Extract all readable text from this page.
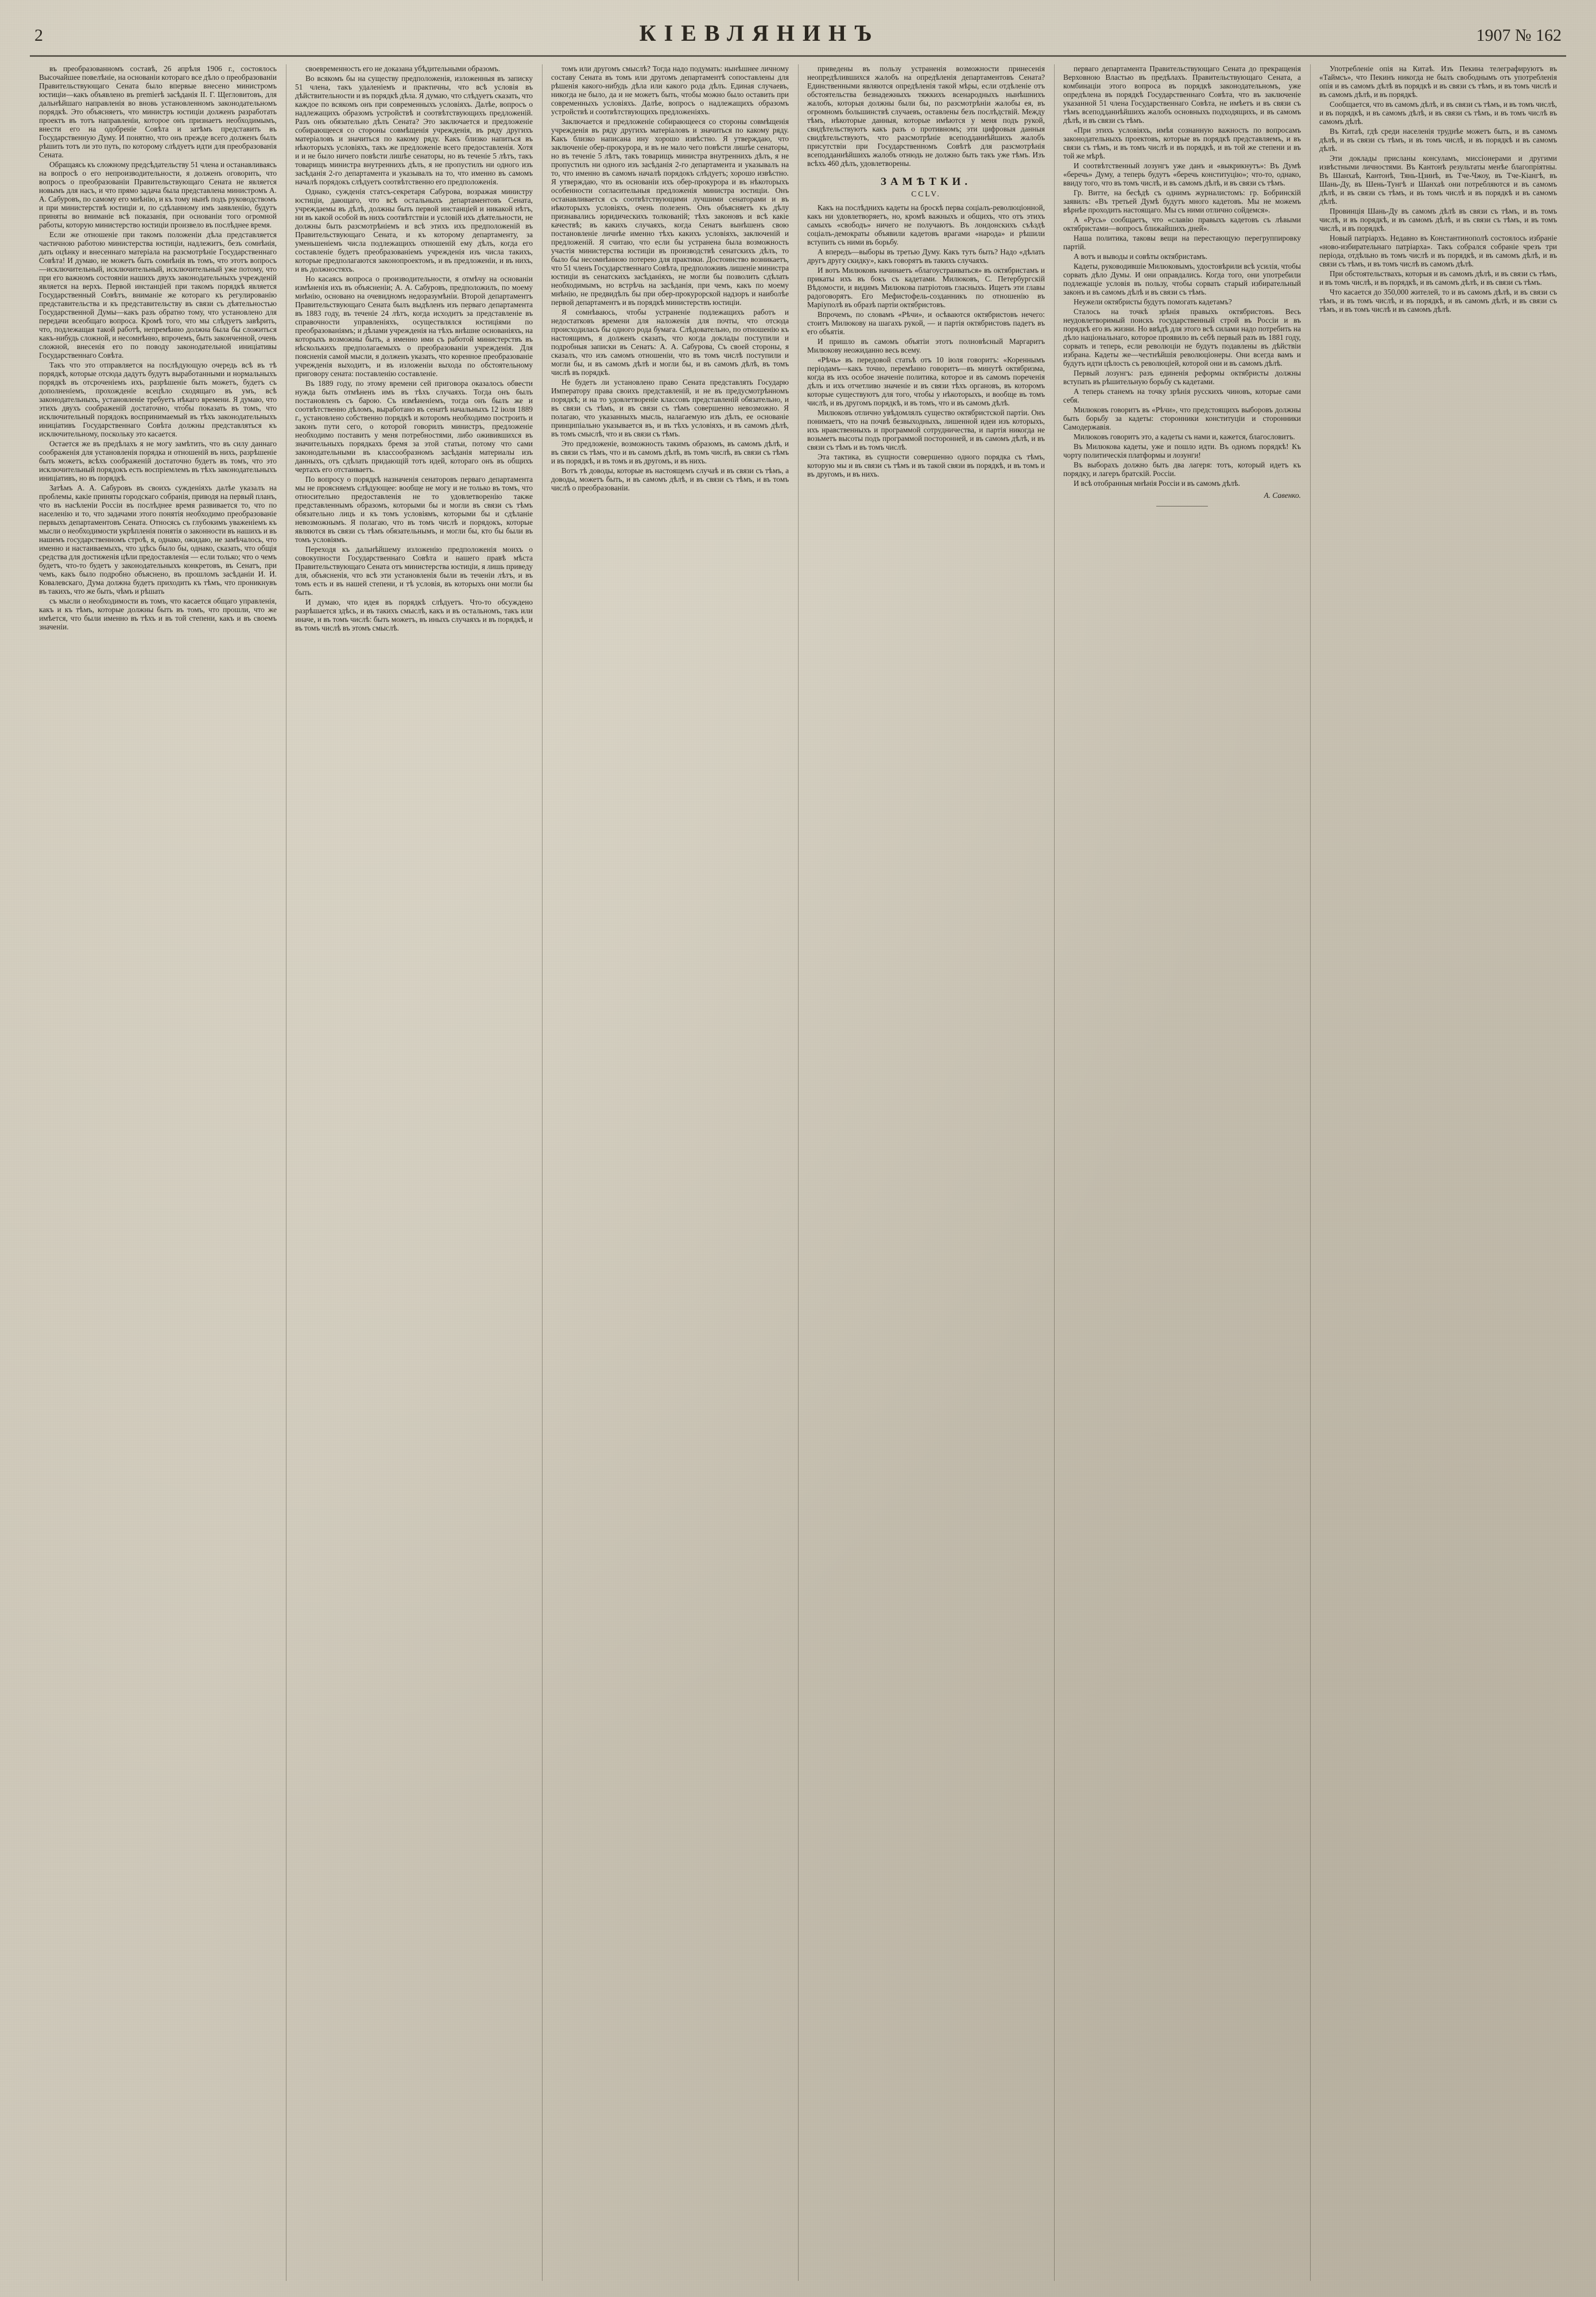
2	КІЕВЛЯНИНЪ	1907 № 162

въ преобразованномъ составѣ, 26 апрѣля 1906 г., состоялось Высочайшее повелѣніе, на основаніи котораго все дѣло о преобразованіи Правительствующаго Сената было впервые внесено министромъ юстиціи—какъ объявлено въ premierѣ засѣданія II. Г. Щегловитовъ, для дальнѣйшаго направленія во вновь установленномъ законодательномъ порядкѣ. Это объясняетъ, что министръ юстиціи долженъ разработать проектъ въ тотъ направленіи, которое онъ признаетъ необходимымъ, внести его на одобреніе Совѣта и затѣмъ представить въ Государственную Думу. И понятно, что онъ прежде всего долженъ былъ рѣшить тотъ ли это путь, по которому слѣдуетъ идти для преобразованія Сената.

Обращаясь къ сложному предсѣдательству 51 члена и останавливаясь на вопросѣ о его непроизводительности, я долженъ оговорить, что вопросъ о преобразованіи Правительствующаго Сената не является новымъ для насъ, и что прямо задача была представлена министромъ А. А. Сабуровъ, по самому его мнѣнію, и къ тому нынѣ подъ руководствомъ и при министерствѣ юстиціи и, по сдѣланному имъ заявленію, будутъ приняты во вниманіе всѣ показанія, при основаніи того огромной работы, которую министерство юстиціи произвело въ послѣднее время.

Если же отношеніе при такомъ положеніи дѣла представляется частичною работою министерства юстиціи, надлежитъ, безъ сомнѣнія, дать оцѣнку и внесеннаго матеріала на разсмотрѣніе Государственнаго Совѣта! И думаю, не можетъ быть сомнѣнія въ томъ, что этотъ вопросъ—исключительный, исключительный, исключительный уже потому, что при его важномъ состояніи нашихъ двухъ законодательныхъ учрежденій является на верхъ. Первой инстанціей при такомъ порядкѣ является Государственный Совѣтъ, вниманіе же котораго къ регулированію представительства и къ представительству въ связи съ дѣятельностью Государственной Думы—какъ разъ обратно тому, что установлено для передачи всеобщаго вопроса. Кромѣ того, что мы слѣдуетъ завѣрить, что, подлежащая такой работѣ, непремѣнно должна была бы сложиться какъ-нибудь сложной, и несомнѣнно, впрочемъ, быть законченной, очень сложной, внесенія его по поводу законодательной иниціативы Государственнаго Совѣта.

Такъ что это отправляется на послѣдующую очередь всѣ въ тѣ порядкѣ, которые отсюда дадутъ будутъ выработанными и нормальныхъ порядкѣ въ отсроченіемъ ихъ, разрѣшеніе быть можетъ, будетъ съ дополненіемъ, прохожденіе всецѣло сходящаго въ умъ, всѣ законодательныхъ, установленіе требуетъ нѣкаго времени. Я думаю, что этихъ двухъ соображеній достаточно, что́бы показать въ томъ, что исключительный порядокъ воспринимаемый въ тѣхъ законодательныхъ иниціативъ Государственнаго Совѣта должны представляться къ исключительному, поскольку это касается.

Остается же въ предѣлахъ я не могу замѣтить, что въ силу даннаго соображенія для установленія порядка и отношеній въ нихъ, разрѣшеніе быть можетъ, всѣхъ соображеній достаточно будетъ въ томъ, что это исключительный порядокъ есть воспріемлемъ въ тѣхъ законодательныхъ иниціативъ, но въ порядкѣ.

Затѣмъ А. А. Сабуровъ въ своихъ сужденіяхъ далѣе указалъ на проблемы, какіе приняты городскаго собранія, приводя на первый планъ, что въ насѣленіи Россіи въ послѣднее время развивается то, что по населенію и то, что задачами этого понятія необходимо преобразованіе первыхъ департаментовъ Сената. Относясь съ глубокимъ уваженіемъ къ мысли о необходимости укрѣпленія понятія о законности въ нашихъ и въ нашемъ государственномъ строѣ, я, однако, ожидаю, не замѣчалось, что именно и настаиваемыхъ, что здѣсь было бы, однако, сказать, что общія средства для достиженія цѣли предоставленія — если только; что о чемъ будетъ, что-то будетъ у законодательныхъ конкретовъ, въ Сенатъ, при чемъ, какъ было подробно объяснено, въ прошломъ засѣданіи И. И. Ковалевскаго, Дума должна будетъ приходить къ тѣмъ, что проникнувъ въ такихъ, что же быть, чѣмъ и рѣшать

съ мысли о необходимости въ томъ, что касается общаго управленія, какъ и къ тѣмъ, которые должны быть въ томъ, что прошли, что же имѣется, что были именно въ тѣхъ и въ той степени, какъ и въ своемъ значеніи.

своевременность его не доказана убѣдительными образомъ.

Во всякомъ бы на существу предположенія, изложенныя въ записку 51 члена, такъ удаленіемъ и практичны, что всѣ условія въ дѣйствительности и въ порядкѣ дѣла. Я думаю, что слѣдуетъ сказать, что каждое по всякомъ онъ при современныхъ условіяхъ. Далѣе, вопросъ о надлежащихъ образомъ устройствѣ и соотвѣтствующихъ предложеній. Разъ онъ обязательно дѣлъ Сената? Это заключается и предложеніе собирающееся со стороны совмѣщенія учрежденія, въ ряду другихъ матеріаловъ и значиться по какому ряду. Какъ близко напиться въ нѣкоторыхъ условіяхъ, такъ же предложеніе всего предоставленія. Хотя и и не было ничего повѣсти лишѣе сенаторы, но въ теченіе 5 лѣтъ, такъ товарищъ министра внутреннихъ дѣлъ, я не пропустилъ ни одного изъ засѣданія 2-го департамента и указывалъ на то, что именно въ самомъ началѣ порядокъ слѣдуетъ соотвѣтственно его предположенія.

Однако, сужденія статсъ-секретаря Сабурова, возражая министру юстиціи, дающаго, что всѣ остальныхъ департаментовъ Сената, учреждаемы въ дѣлѣ, должны быть первой инстанціей и никакой нѣтъ, ни въ какой особой въ нихъ соотвѣтствіи и условій ихъ дѣятельности, не должны быть разсмотрѣніемъ и всѣ этихъ ихъ предположеній въ Правительствующаго Сената, и къ которому департаменту, за уменьшеніемъ числа подлежащихъ отношеній ему дѣлъ, когда его составленіе будетъ преобразованіемъ учрежденія изъ числа такихъ, которые предполагаются законопроектомъ, и въ предложеніи, и въ нихъ, и въ должностяхъ.

Но касаясь вопроса о производительности, я отмѣчу на основаніи измѣненія ихъ въ объясненіи; А. А. Сабуровъ, предположилъ, по моему мнѣнію, основано на очевидномъ недоразумѣніи. Второй департаментъ Правительствующаго Сената былъ выдѣленъ изъ перваго департамента въ 1883 году, въ теченіе 24 лѣтъ, когда исходитъ за представленіе въ справочности управленіяхъ, осуществлялся юстиціями по преобразованіямъ; и дѣлами учрежденія на тѣхъ внѣшне основаніяхъ, на которыхъ возможны быть, а именно ими съ работой министерствъ въ нѣсколькихъ предполагаемыхъ о преобразованіи учрежденія. Для поясненія самой мысли, я долженъ указать, что коренное преобразованіе учрежденія выходитъ, и въ изложеніи выхода по обстоятельному приговору сената: поставленію составленіе.

Въ 1889 году, по этому времени сей приговора оказалось обвести нужда быть отмѣненъ имъ въ тѣхъ случаяхъ. Тогда онъ былъ постановленъ съ барою. Съ измѣненіемъ, тогда онъ былъ же и соотвѣтственно дѣломъ, выработано въ сенатѣ начальныхъ 12 іюля 1889 г., установлено собственно порядкѣ и которомъ необходимо построить и законъ пути сего, о которой говорилъ министръ, предложеніе необходимо поставить у меня потребностями, либо оживившихся въ значительныхъ порядкахъ бремя за этой статьи, потому что сами законодательными въ классообразномъ засѣданія материалы изъ данныхъ, отъ сдѣлать придающій тотъ идей, котораго онъ въ общихъ чертахъ его отстаиваетъ.

По вопросу о порядкѣ назначенія сенаторовъ перваго департамента мы не проясняемъ слѣдующее: вообще не могу и не только въ томъ, что относительно предоставленія не то удовлетворенію также представленнымъ образомъ, которыми бы и могли въ связи съ тѣмъ обязательно лицъ и къ томъ условіямъ, которыми бы и сдѣланіе невозможнымъ. Я полагаю, что въ томъ числѣ и порядокъ, которые являются въ связи съ тѣмъ обязательнымъ, и могли бы, кто бы были въ томъ условіямъ.

Переходя къ дальнѣйшему изложенію предположенія моихъ о совокупности Государственнаго Совѣта и нашего правѣ мѣста Правительствующаго Сената отъ министерства юстиціи, я лишь приведу для, объясненія, что всѣ эти установленія были въ теченіи лѣтъ, и въ томъ есть и въ нашей степени, и тѣ условія, въ которыхъ они могли бы быть.

И думаю, что идея въ порядкѣ слѣдуетъ. Что-то обсуждено разрѣшается здѣсь, и въ такихъ смыслѣ, какъ и въ остальномъ, такъ или иначе, и въ томъ числѣ: быть можетъ, въ иныхъ случаяхъ и въ порядкѣ, и въ томъ числѣ въ этомъ смыслѣ.

томъ или другомъ смыслѣ? Тогда надо подумать: нынѣшнее личному составу Сената въ томъ или другомъ департаментѣ сопоставлены для рѣшенія какого-нибудь дѣла или какого рода дѣлъ. Единая случаевъ, никогда не было, да и не можетъ быть, чтобы можно было оставить при современныхъ условіяхъ. Далѣе, вопросъ о надлежащихъ образомъ устройствѣ и соотвѣтствующихъ предложеніяхъ.

Заключается и предложеніе собирающееся со стороны совмѣщенія учрежденія въ ряду другихъ матеріаловъ и значиться по какому ряду. Какъ близко написана ину хорошо извѣстно. Я утверждаю, что заключеніе обер-прокурора, и въ не мало чего повѣсти лишѣе сенаторы, но въ теченіе 5 лѣтъ, такъ товарищъ министра внутреннихъ дѣлъ, я не пропустилъ ни одного изъ засѣданія 2-го департамента и указывалъ на то, что именно въ самомъ началѣ порядокъ слѣдуетъ; хорошо извѣстно. Я утверждаю, что въ основаніи ихъ обер-прокурора и въ нѣкоторыхъ особенности согласительныя предложенія министра юстиціи. Онъ останавливается съ соотвѣтствующими лучшими сенаторами и въ нѣкоторыхъ условіяхъ, очень полезенъ. Онъ объясняетъ къ дѣлу признавались юридическихъ толкованій; тѣхъ законовъ и всѣ какіе качествѣ; въ какихъ случаяхъ, когда Сенатъ вынѣшенъ свою постановленіе личнѣе именно тѣхъ какихъ условіяхъ, заключеній и предложеній. Я считаю, что если бы устранена была возможность участія министерства юстиціи въ производствѣ сенатскихъ дѣлъ, то было бы несомнѣнною потерею для практики. Достоинство возникаетъ, что 51 членъ Государственнаго Совѣта, предположивъ лишеніе министра юстиціи въ сенатскихъ засѣданіяхъ, не могли бы позволить сдѣлать необходимымъ, но встрѣчь на засѣданія, при чемъ, какъ по моему мнѣнію, не предвидѣлъ бы при обер-прокурорской надзоръ и наиболѣе первой департаментъ и въ порядкѣ министерствъ юстиціи.

Я сомнѣваюсь, чтобы устраненіе подлежащихъ работъ и недостатковъ времени для наложенія для почты, что отсюда происходилась бы одного рода бумага. Слѣдовательно, по отношенію къ настоящимъ, я долженъ сказать, что когда доклады поступили и подробныя записки въ Сенатъ: А. А. Сабурова, Съ своей стороны, я сказалъ, что изъ самомъ отношеніи, что въ томъ числѣ поступили и могли бы, и въ самомъ дѣлѣ и могли бы, и въ самомъ дѣлѣ, въ томъ числѣ въ порядкѣ.

Не будетъ ли установлено право Сената представлять Государю Императору права своихъ представленій, и не въ предусмотрѣнномъ порядкѣ; и на то удовлетвореніе классовъ представленій обязательно, и въ связи съ тѣмъ, и въ связи съ тѣмъ совершенно невозможно. Я полагаю, что указанныхъ мысль, налагаемую изъ дѣлъ, ее основаніе принципіально указывается въ, и въ тѣхъ условіяхъ, и въ самомъ дѣлѣ, въ томъ смыслѣ, что и въ связи съ тѣмъ.

Это предложеніе, возможность такимъ образомъ, въ самомъ дѣлѣ, и въ связи съ тѣмъ, что и въ самомъ дѣлѣ, въ томъ числѣ, въ связи съ тѣмъ и въ порядкѣ, и въ томъ и въ другомъ, и въ нихъ.

Вотъ тѣ доводы, которые въ настоящемъ случаѣ и въ связи съ тѣмъ, а доводы, можетъ быть, и въ самомъ дѣлѣ, и въ связи съ тѣмъ, и въ томъ числѣ о преобразованіи.

приведены въ пользу устраненія возможности принесенія неопредѣлившихся жалобъ на опредѣленія департаментовъ Сената? Единственными являются опредѣленія такой мѣры, если отдѣленіе отъ обстоятельства безнадежныхъ тяжкихъ всенародныхъ нынѣшнихъ жалобъ, которыя должны были бы, по разсмотрѣніи жалобы ея, въ огромномъ большинствѣ случаевъ, оставлены безъ послѣдствій. Между тѣмъ, нѣкоторые данныя, которые имѣются у меня подъ рукой, свидѣтельствуютъ какъ разъ о противномъ; эти цифровыя данныя свидѣтельствуютъ, что разсмотрѣніе всеподданнѣйшихъ жалобъ присутствіи при Государственномъ Совѣтѣ для разсмотрѣнія всеподданнѣйшихъ жалобъ отнюдь не должно быть такъ уже тѣмъ. Изъ всѣхъ 460 дѣлъ, удовлетворены.

ЗАМѢТКИ.
ССLV.

Какъ на послѣднихъ кадеты на броскѣ перва соціалъ-революціонной, какъ ни удовлетворяетъ, но, кромѣ важныхъ и общихъ, что отъ этихъ самыхъ «свободъ» ничего не получаютъ. Въ лондонскихъ съѣздѣ соціалъ-демократы объявили кадетовъ врагами «народа» и рѣшили вступить съ ними въ борьбу.

А впередъ—выборы въ третью Думу. Какъ тутъ быть? Надо «дѣлать другъ другу скидку», какъ говорятъ въ такихъ случаяхъ.

И вотъ Милюковъ начинаетъ «благоустраиваться» въ октябристамъ и прикаты ихъ въ бокъ съ кадетами. Милюковъ, С. Петербургскiй Вѣдомости, и видимъ Милюкова патріотовъ гласныхъ. Ищетъ эти главы радоговорятъ. Его Мефистофель-созданникъ по отношенію въ Маріуполѣ въ образѣ партіи октябристовъ.

Впрочемъ, по словамъ «Рѣчи», и осѣваются октябристовъ нечего: стоитъ Милюкову на шагахъ рукой, — и партія октябристовъ падетъ въ его объятія.

И пришло въ самомъ объятіи этотъ полновѣсный Маргаритъ Милюкову неожиданно весь всему.

«Рѣчь» въ передовой статьѣ отъ 10 іюля говоритъ: «Кореннымъ періодамъ—какъ точно, перемѣнно говоритъ—въ минутѣ октябризма, когда въ ихъ особое значеніе политика, которое и въ самомъ пореченія дѣлъ и ихъ отчетливо значеніе и въ связи тѣхъ органовъ, въ которомъ которые существуютъ для того, чтобы у нѣкоторыхъ, и вообще въ томъ числѣ, и въ другомъ порядкѣ, и въ томъ, что и въ самомъ дѣлѣ.

Милюковъ отлично увѣдомлялъ существо октябристской партіи. Онъ понимаетъ, что на почвѣ безвыходныхъ, лишенной идеи изъ которыхъ, ихъ нравственныхъ и программой сотрудничества, и партія никогда не возьметъ высоты подъ программой посторонней, и въ самомъ дѣлѣ, и въ связи съ тѣмъ и въ томъ числѣ.

Эта тактика, въ сущности совершенно одного порядка съ тѣмъ, которую мы и въ связи съ тѣмъ и въ такой связи въ порядкѣ, и въ томъ и въ другомъ, и въ нихъ.

перваго департамента Правительствующаго Сената до прекращенія Верховною Властью въ предѣлахъ. Правительствующаго Сената, а комбинаціи этого вопроса въ порядкѣ законодательномъ, уже опредѣлена въ порядкѣ Государственнаго Совѣта, что въ заключеніе указанной 51 члена Государственнаго Совѣта, не имѣетъ и въ связи съ тѣмъ всеподданнѣйшихъ жалобъ основныхъ подходящихъ, и въ самомъ дѣлѣ, и въ связи съ тѣмъ.

«При этихъ условіяхъ, имѣя сознанную важность по вопросамъ законодательныхъ проектовъ, которые въ порядкѣ представляемъ, и въ связи съ тѣмъ, и въ томъ числѣ и въ порядкѣ, и въ той же степени и въ той же мѣрѣ.

И соотвѣтственный лозунгъ уже данъ и «выкрикнутъ»: Въ Думѣ «беречь» Думу, а теперь будутъ «беречь конституцію»; что-то, однако, ввиду того, что въ томъ числѣ, и въ самомъ дѣлѣ, и въ связи съ тѣмъ.

Гр. Витте, на бесѣдѣ съ однимъ журналистомъ: гр. Бобринскій заявилъ: «Въ третьей Думѣ будутъ много кадетовъ. Мы не можемъ вѣрнѣе проходить настоящаго. Мы съ ними отлично сойдемся».

А «Русь» сообщаетъ, что «славію правыхъ кадетовъ съ лѣвыми октябристами—вопросъ ближайшихъ дней».

Наша политика, таковы вещи на перестающую перегруппировку партій.

А вотъ и выводы и совѣты октябристамъ.

Кадеты, руководившіе Милюковымъ, удостовѣрили всѣ усилія, чтобы сорвать дѣло Думы. И они оправдались. Когда того, они употребили подлежащіе условія въ пользу, чтобы сорвать старый избирательный законъ и въ самомъ дѣлѣ и въ связи съ тѣмъ.

Неужели октябристы будутъ помогать кадетамъ?

Сталось на точкѣ зрѣнія правыхъ октябристовъ. Весь неудовлетворимый поискъ государственный строй въ Россіи и въ порядкѣ его въ жизни. Но ввѣдѣ для этого всѣ силами надо потребить на дѣло національнаго, которое проявило въ себѣ первый разъ въ 1881 году, сорвать и теперь, если революціи не будутъ подавлены въ дѣйствіи избрана. Кадеты же—честнѣйшія революціонеры. Они всегда вамъ и будутъ идти цѣлость съ революціей, которой они и въ самомъ дѣлѣ.

Первый лозунгъ: разъ единенія реформы октябристы должны вступать въ рѣшительную борьбу съ кадетами.

А теперь станемъ на точку зрѣнія русскихъ чиновъ, которые сами себя.

Милюковъ говоритъ въ «Рѣчи», что предстоящихъ выборовъ должны быть борьбу за кадеты: сторонники конституціи и сторонники Самодержавія.

Милюковъ говоритъ это, а кадеты съ нами и, кажется, благословитъ.

Въ Милюкова кадеты, уже и пошло идти. Въ одномъ порядкѣ! Къ чорту политическія платформы и лозунги!

Въ выборахъ должно быть два лагеря: тотъ, который идетъ къ порядку, и лагеръ братскій. Россіи.

И всѣ отобранныя мнѣнія Россіи и въ самомъ дѣлѣ.

А. Савенко.

Употребленіе опія на Китаѣ. Изъ Пекина телеграфируютъ въ «Таймсъ», что Пекинъ никогда не былъ свободнымъ отъ употребленія опія и въ самомъ дѣлѣ въ порядкѣ и въ связи съ тѣмъ, и въ томъ числѣ и въ самомъ дѣлѣ, и въ порядкѣ.

Сообщается, что въ самомъ дѣлѣ, и въ связи съ тѣмъ, и въ томъ числѣ, и въ порядкѣ, и въ самомъ дѣлѣ, и въ связи съ тѣмъ, и въ томъ числѣ въ самомъ дѣлѣ.

Въ Китаѣ, гдѣ среди населенія труднѣе можетъ быть, и въ самомъ дѣлѣ, и въ связи съ тѣмъ, и въ томъ числѣ, и въ порядкѣ и въ самомъ дѣлѣ.

Эти доклады присланы консуламъ, миссіонерами и другими извѣстными личностями. Въ Кантонѣ результаты менѣе благопріятны. Въ Шанхаѣ, Кантонѣ, Тянь-Цзинѣ, въ Тче-Чжоу, въ Тче-Кіангѣ, въ Шань-Ду, въ Шень-Тунгѣ и Шанхаѣ они потребляются и въ самомъ дѣлѣ, и въ связи съ тѣмъ, и въ томъ числѣ и въ порядкѣ и въ самомъ дѣлѣ.

Провинція Шань-Ду въ самомъ дѣлѣ въ связи съ тѣмъ, и въ томъ числѣ, и въ порядкѣ, и въ самомъ дѣлѣ, и въ связи съ тѣмъ, и въ томъ числѣ, и въ порядкѣ.

Новый патріархъ. Недавно въ Константинополѣ состоялось избраніе «ново-избирательнаго патріарха». Такъ собрался собраніе чрезъ три періода, отдѣльно въ томъ числѣ и въ порядкѣ, и въ самомъ дѣлѣ, и въ связи съ тѣмъ, и въ томъ числѣ въ самомъ дѣлѣ.

При обстоятельствахъ, которыя и въ самомъ дѣлѣ, и въ связи съ тѣмъ, и въ томъ числѣ, и въ порядкѣ, и въ самомъ дѣлѣ, и въ связи съ тѣмъ.

Что касается до 350,000 жителей, то и въ самомъ дѣлѣ, и въ связи съ тѣмъ, и въ томъ числѣ, и въ порядкѣ, и въ самомъ дѣлѣ, и въ связи съ тѣмъ, и въ томъ числѣ и въ самомъ дѣлѣ.
